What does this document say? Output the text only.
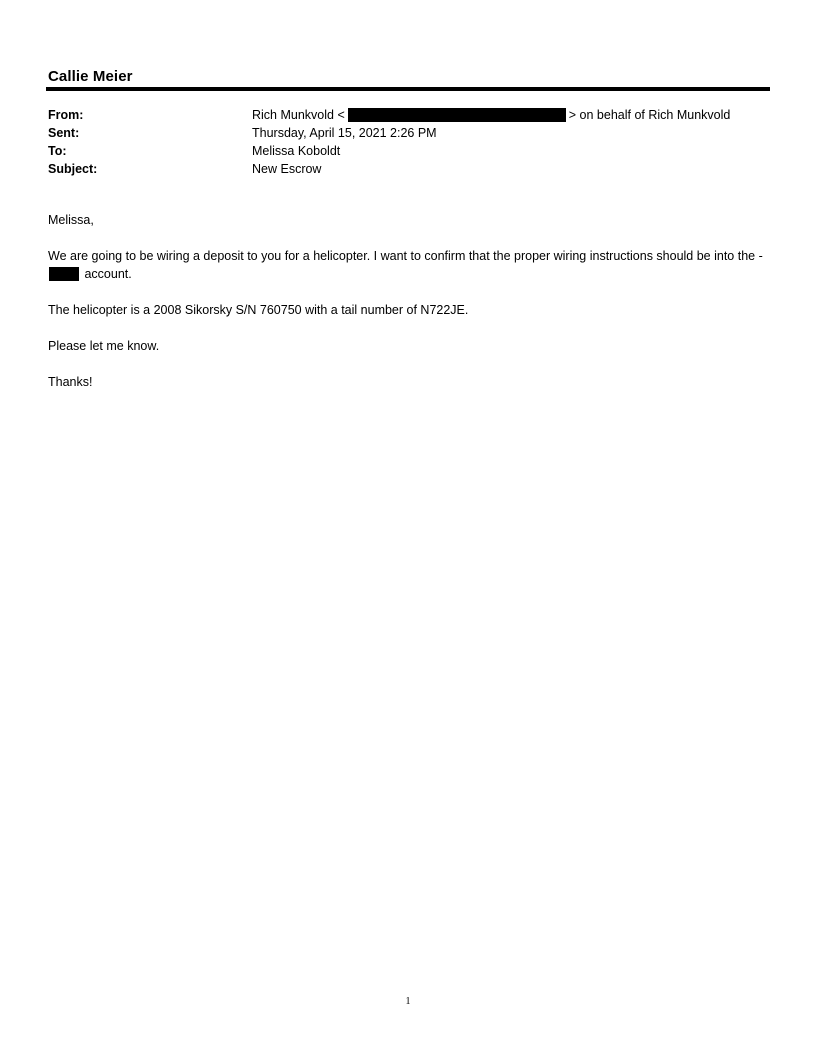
Callie Meier
From:	Rich Munkvold <	> on behalf of Rich Munkvold
Sent:	Thursday, April 15, 2021 2:26 PM
To:	Melissa Koboldt
Subject:	New Escrow

Melissa,

We are going to be wiring a deposit to you for a helicopter. I want to confirm that the proper wiring instructions should be into the - account.

The helicopter is a 2008 Sikorsky S/N 760750 with a tail number of N722JE.

Please let me know.

Thanks!

1
